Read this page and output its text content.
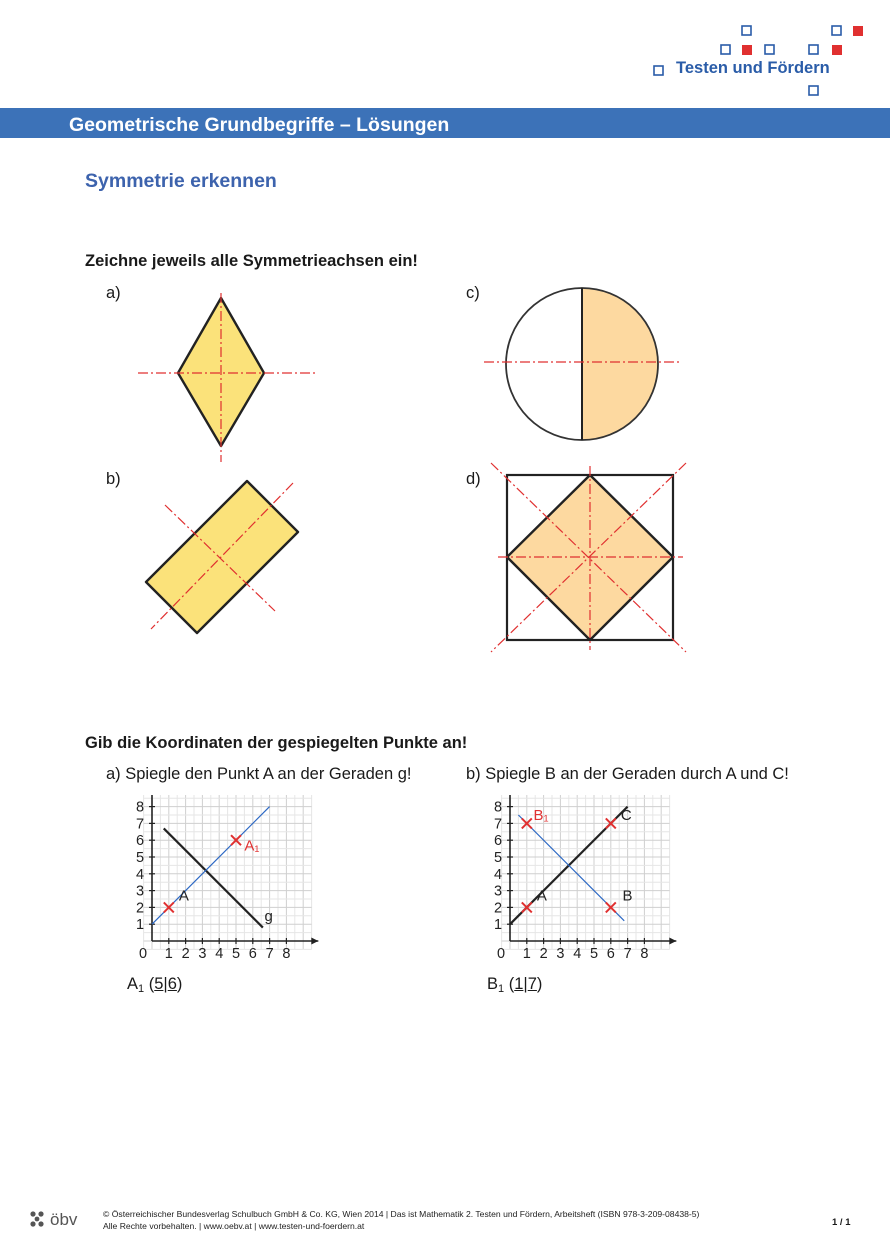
Testen und Fördern
Geometrische Grundbegriffe – Lösungen
Symmetrie erkennen
Zeichne jeweils alle Symmetrieachsen ein!
a)	c)
b)	d)
Gib die Koordinaten der gespiegelten Punkte an!
a) Spiegle den Punkt A an der Geraden g!	b) Spiegle B an der Geraden durch A und C!
0 1 2 3 4 5 6 7 8
1
2
3
4
5
6
7
8
A
A₁
g
0 1 2 3 4 5 6 7 8
1
2
3
4
5
6
7
8
A	B
C
B₁
$A_1$ (5|6)	$B_1$ (1|7)
öbv	© Österreichischer Bundesverlag Schulbuch GmbH & Co. KG, Wien 2014 | Das ist Mathematik 2. Testen und Fördern, Arbeitsheft (ISBN 978-3-209-08438-5)
Alle Rechte vorbehalten. | www.oebv.at | www.testen-und-foerdern.at	1 / 1
